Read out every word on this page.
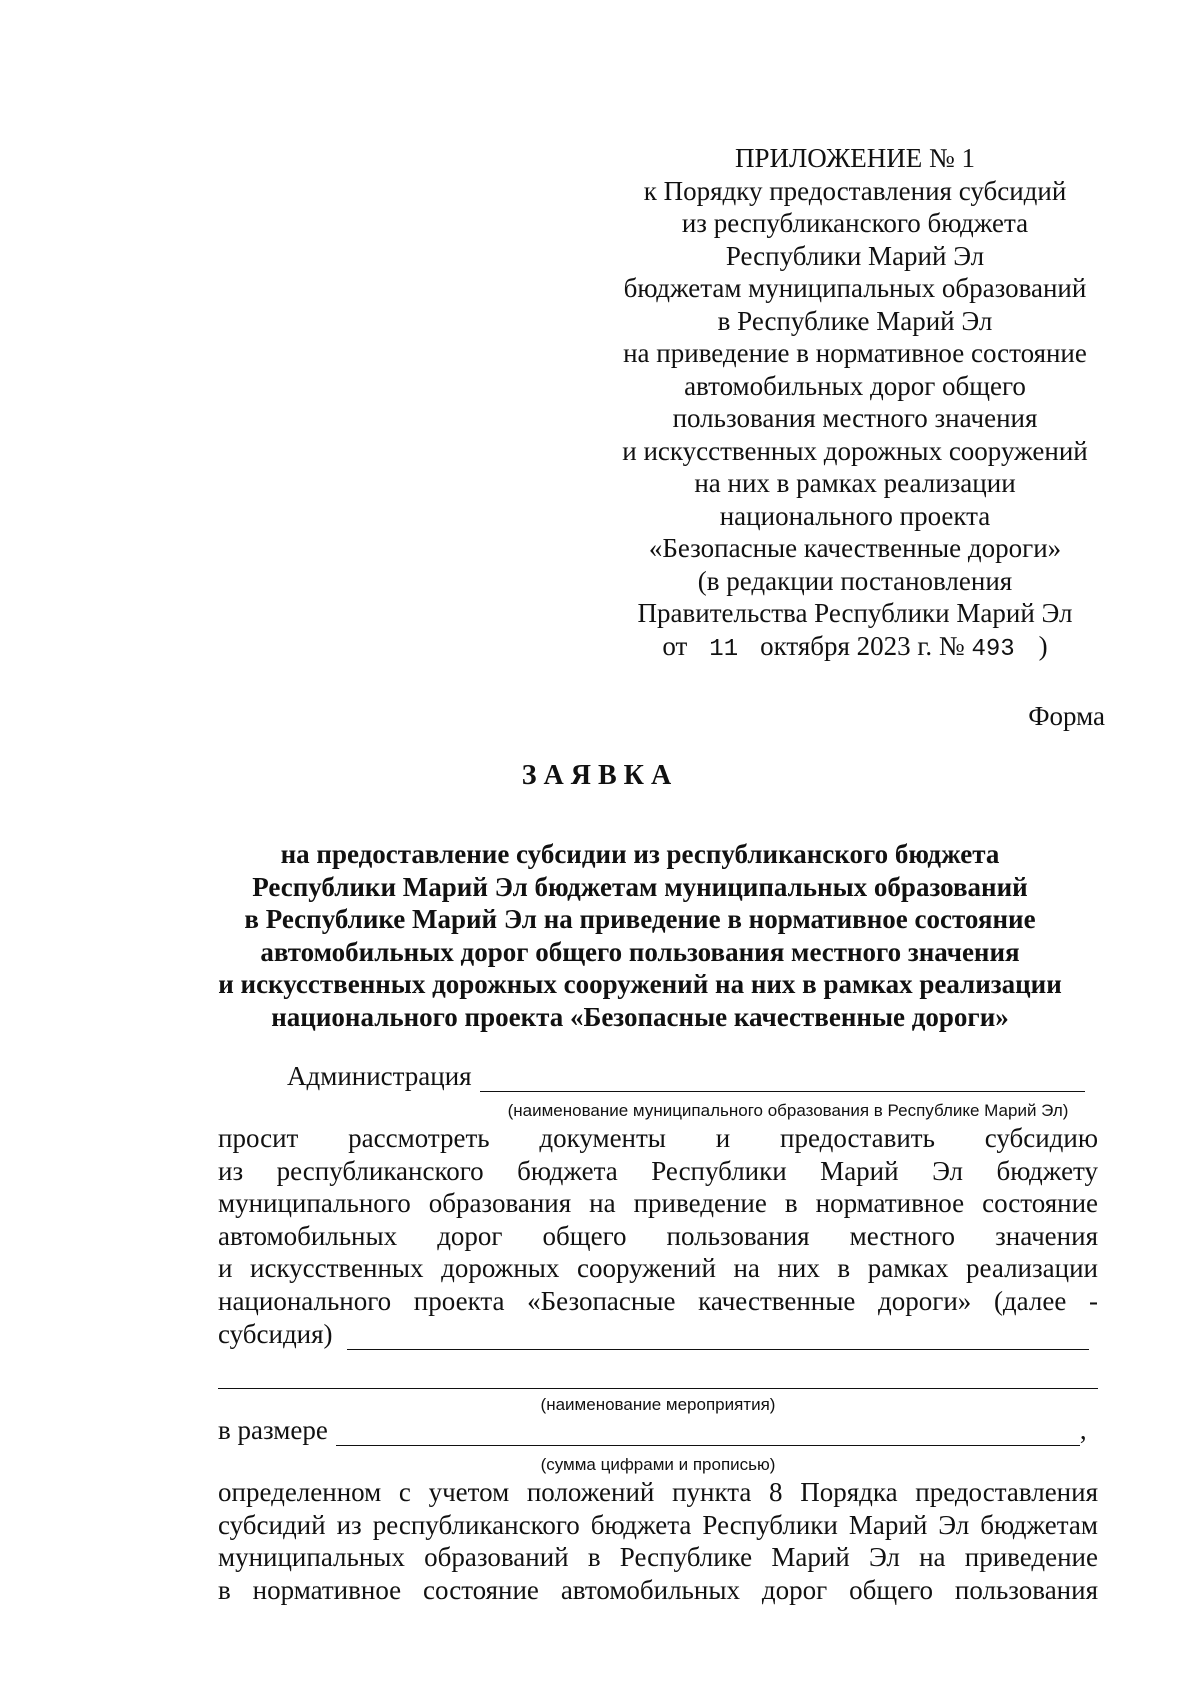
ПРИЛОЖЕНИЕ № 1
к Порядку предоставления субсидий
из республиканского бюджета
Республики Марий Эл
бюджетам муниципальных образований
в Республике Марий Эл
на приведение в нормативное состояние
автомобильных дорог общего
пользования местного значения
и искусственных дорожных сооружений
на них в рамках реализации
национального проекта
«Безопасные качественные дороги»
(в редакции постановления
Правительства Республики Марий Эл
от 11 октября 2023 г. № 493 )
Форма
ЗАЯВКА
на предоставление субсидии из республиканского бюджета
Республики Марий Эл бюджетам муниципальных образований
в Республике Марий Эл на приведение в нормативное состояние
автомобильных дорог общего пользования местного значения
и искусственных дорожных сооружений на них в рамках реализации
национального проекта «Безопасные качественные дороги»
Администрация
(наименование муниципального образования в Республике Марий Эл)
просит рассмотреть документы и предоставить субсидию
из республиканского бюджета Республики Марий Эл бюджету
муниципального образования на приведение в нормативное состояние
автомобильных дорог общего пользования местного значения
и искусственных дорожных сооружений на них в рамках реализации
национального проекта «Безопасные качественные дороги» (далее -
субсидия)
(наименование мероприятия)
в размере	,
(сумма цифрами и прописью)
определенном с учетом положений пункта 8 Порядка предоставления
субсидий из республиканского бюджета Республики Марий Эл бюджетам
муниципальных образований в Республике Марий Эл на приведение
в нормативное состояние автомобильных дорог общего пользования
